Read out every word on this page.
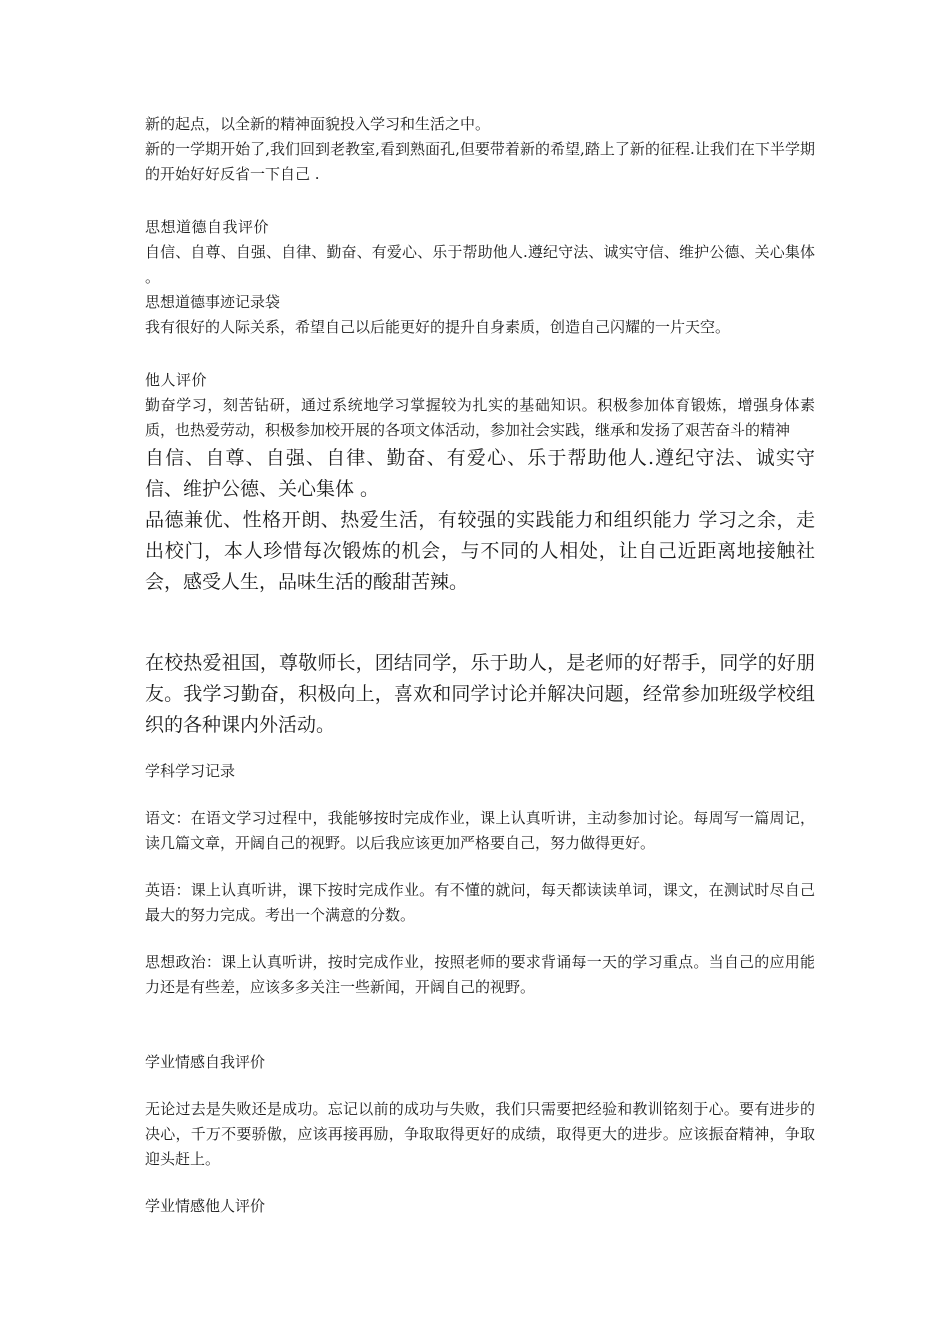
新的起点，以全新的精神面貌投入学习和生活之中。

新的一学期开始了,我们回到老教室,看到熟面孔,但要带着新的希望,踏上了新的征程.让我们在下半学期的开始好好反省一下自己 .

思想道德自我评价

自信、自尊、自强、自律、勤奋、有爱心、乐于帮助他人.遵纪守法、诚实守信、维护公德、关心集体 。

思想道德事迹记录袋

我有很好的人际关系，希望自己以后能更好的提升自身素质，创造自己闪耀的一片天空。

他人评价

勤奋学习，刻苦钻研，通过系统地学习掌握较为扎实的基础知识。积极参加体育锻炼，增强身体素质，也热爱劳动，积极参加校开展的各项文体活动，参加社会实践，继承和发扬了艰苦奋斗的精神

自信、自尊、自强、自律、勤奋、有爱心、乐于帮助他人.遵纪守法、诚实守信、维护公德、关心集体 。

品德兼优、性格开朗、热爱生活，有较强的实践能力和组织能力 学习之余，走出校门，本人珍惜每次锻炼的机会，与不同的人相处，让自己近距离地接触社会，感受人生，品味生活的酸甜苦辣。

在校热爱祖国，尊敬师长，团结同学，乐于助人，是老师的好帮手，同学的好朋友。我学习勤奋，积极向上，喜欢和同学讨论并解决问题，经常参加班级学校组织的各种课内外活动。

学科学习记录

语文：在语文学习过程中，我能够按时完成作业，课上认真听讲，主动参加讨论。每周写一篇周记，读几篇文章，开阔自己的视野。以后我应该更加严格要自己，努力做得更好。

英语：课上认真听讲，课下按时完成作业。有不懂的就问，每天都读读单词，课文，在测试时尽自己最大的努力完成。考出一个满意的分数。

思想政治：课上认真听讲，按时完成作业，按照老师的要求背诵每一天的学习重点。当自己的应用能力还是有些差，应该多多关注一些新闻，开阔自己的视野。

学业情感自我评价

无论过去是失败还是成功。忘记以前的成功与失败，我们只需要把经验和教训铭刻于心。要有进步的决心，千万不要骄傲，应该再接再励，争取取得更好的成绩，取得更大的进步。应该振奋精神，争取迎头赶上。

学业情感他人评价
